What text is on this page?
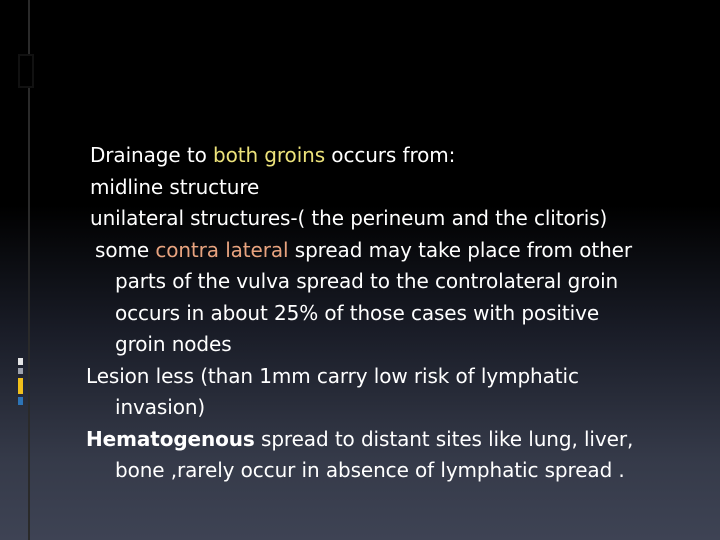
Drainage to both groins occurs from:
midline structure
unilateral structures-( the perineum and the clitoris)
some contra lateral spread may take place from other
parts of the vulva spread to the controlateral groin
occurs in about 25% of those cases with positive
groin nodes
Lesion less (than 1mm carry low risk of lymphatic
invasion)
Hematogenous spread to distant sites like lung, liver,
bone ,rarely occur in absence of lymphatic spread .
